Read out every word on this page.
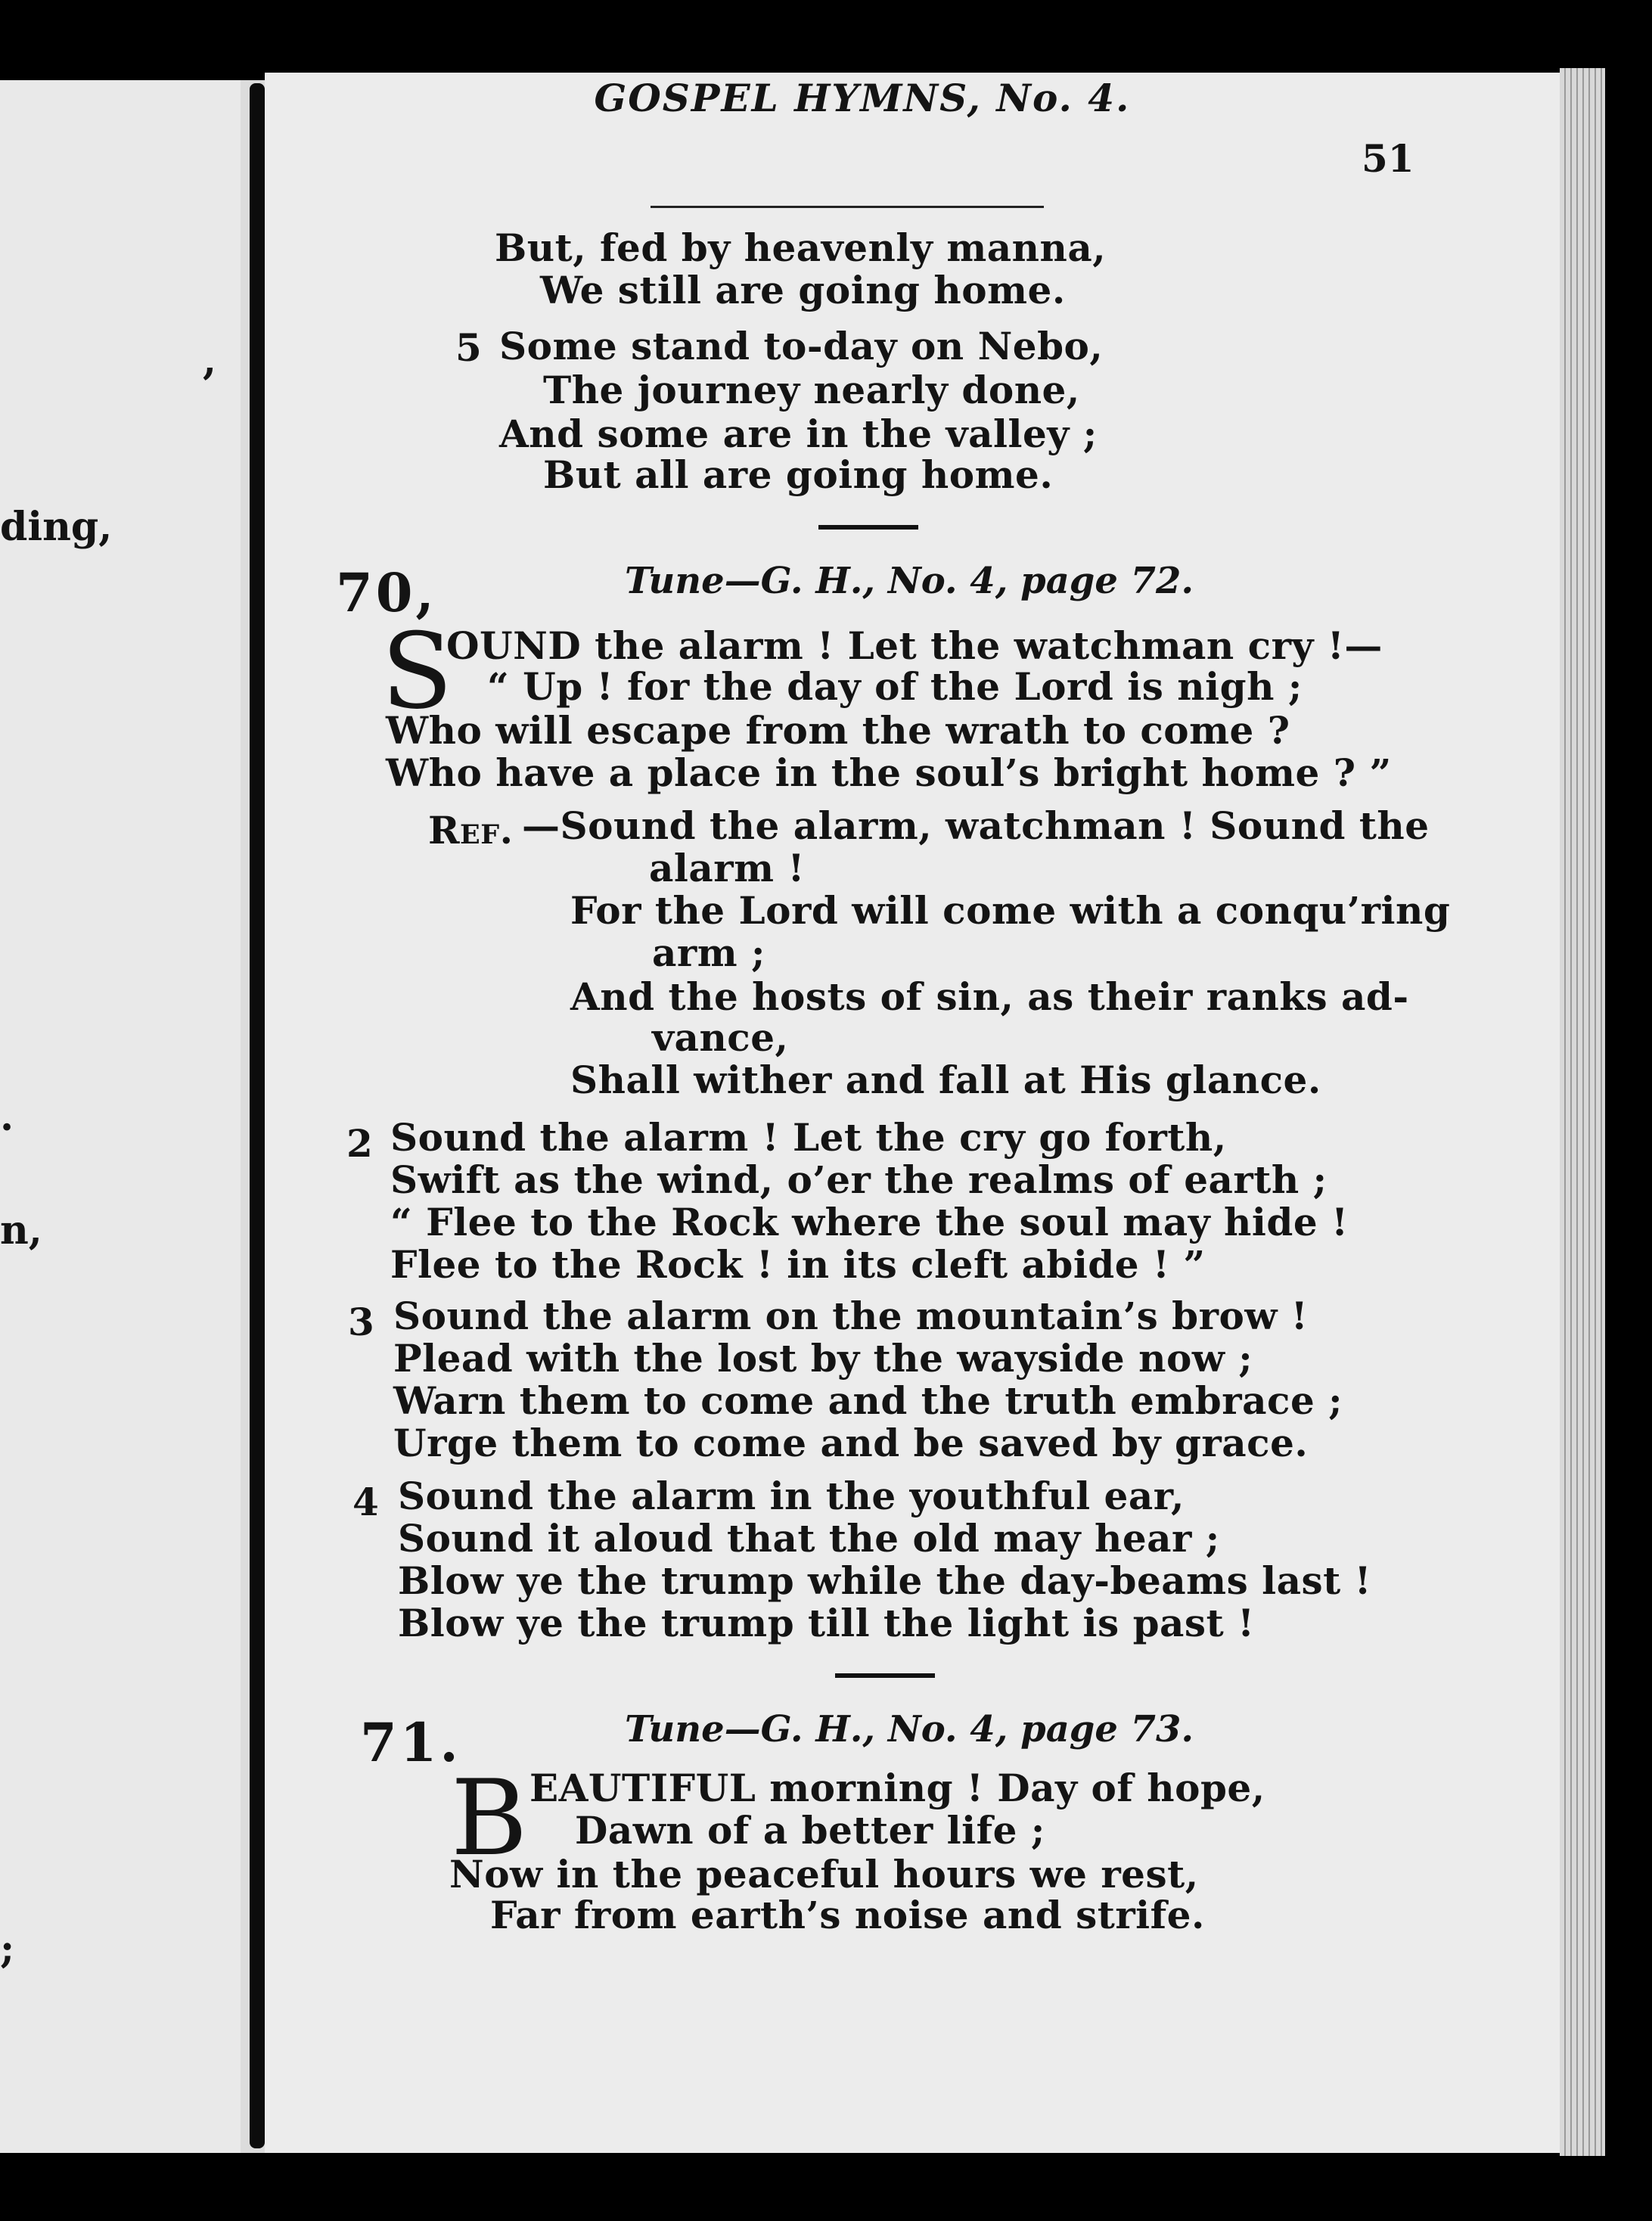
,
ding,
.
n,
;
GOSPEL HYMNS, No. 4.
51
But, fed by heavenly manna,
We still are going home.
5 Some stand to-day on Nebo,
The journey nearly done,
And some are in the valley ;
But all are going home.
70,	Tune—G. H., No. 4, page 72.
S
OUND the alarm ! Let the watchman cry !—
“ Up ! for the day of the Lord is nigh ;
Who will escape from the wrath to come ?
Who have a place in the soul’s bright home ? ”
Ref. —Sound the alarm, watchman ! Sound the
alarm !
For the Lord will come with a conqu’ring
arm ;
And the hosts of sin, as their ranks ad-
vance,
Shall wither and fall at His glance.
2 Sound the alarm ! Let the cry go forth,
Swift as the wind, o’er the realms of earth ;
“ Flee to the Rock where the soul may hide !
Flee to the Rock ! in its cleft abide ! ”
3 Sound the alarm on the mountain’s brow !
Plead with the lost by the wayside now ;
Warn them to come and the truth embrace ;
Urge them to come and be saved by grace.
4 Sound the alarm in the youthful ear,
Sound it aloud that the old may hear ;
Blow ye the trump while the day-beams last !
Blow ye the trump till the light is past !
71.	Tune—G. H., No. 4, page 73.
B EAUTIFUL morning ! Day of hope,
Dawn of a better life ;
Now in the peaceful hours we rest,
Far from earth’s noise and strife.
